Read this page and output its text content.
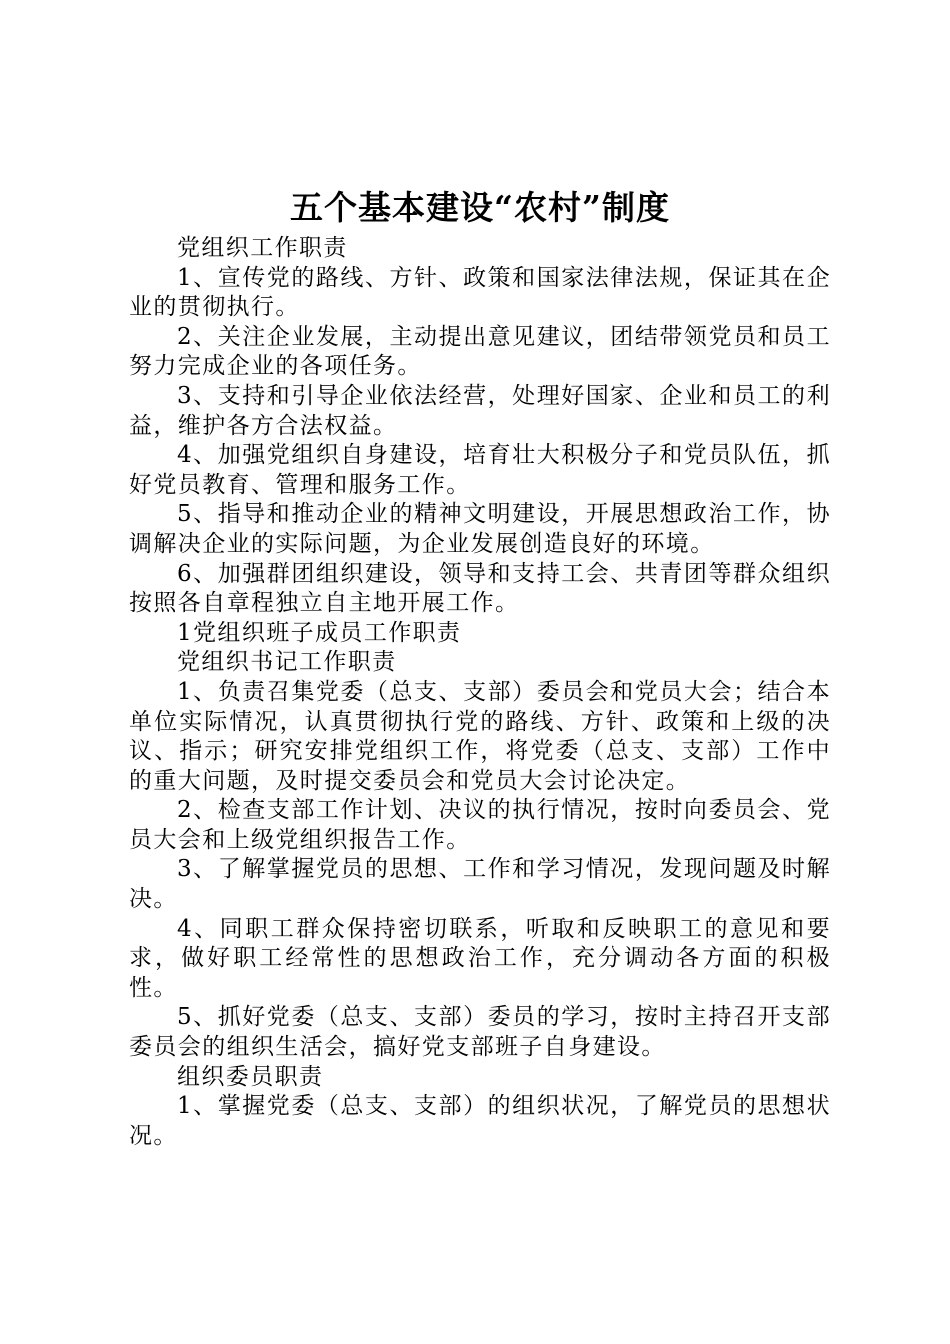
五个基本建设“农村”制度

党组织工作职责

1、宣传党的路线、方针、政策和国家法律法规，保证其在企业的贯彻执行。

2、关注企业发展，主动提出意见建议，团结带领党员和员工努力完成企业的各项任务。

3、支持和引导企业依法经营，处理好国家、企业和员工的利益，维护各方合法权益。

4、加强党组织自身建设，培育壮大积极分子和党员队伍，抓好党员教育、管理和服务工作。

5、指导和推动企业的精神文明建设，开展思想政治工作，协调解决企业的实际问题，为企业发展创造良好的环境。

6、加强群团组织建设，领导和支持工会、共青团等群众组织按照各自章程独立自主地开展工作。

1党组织班子成员工作职责

党组织书记工作职责

1、负责召集党委（总支、支部）委员会和党员大会；结合本单位实际情况，认真贯彻执行党的路线、方针、政策和上级的决议、指示；研究安排党组织工作，将党委（总支、支部）工作中的重大问题，及时提交委员会和党员大会讨论决定。

2、检查支部工作计划、决议的执行情况，按时向委员会、党员大会和上级党组织报告工作。

3、了解掌握党员的思想、工作和学习情况，发现问题及时解决。

4、同职工群众保持密切联系，听取和反映职工的意见和要求，做好职工经常性的思想政治工作，充分调动各方面的积极性。

5、抓好党委（总支、支部）委员的学习，按时主持召开支部委员会的组织生活会，搞好党支部班子自身建设。

组织委员职责

1、掌握党委（总支、支部）的组织状况，了解党员的思想状况。
